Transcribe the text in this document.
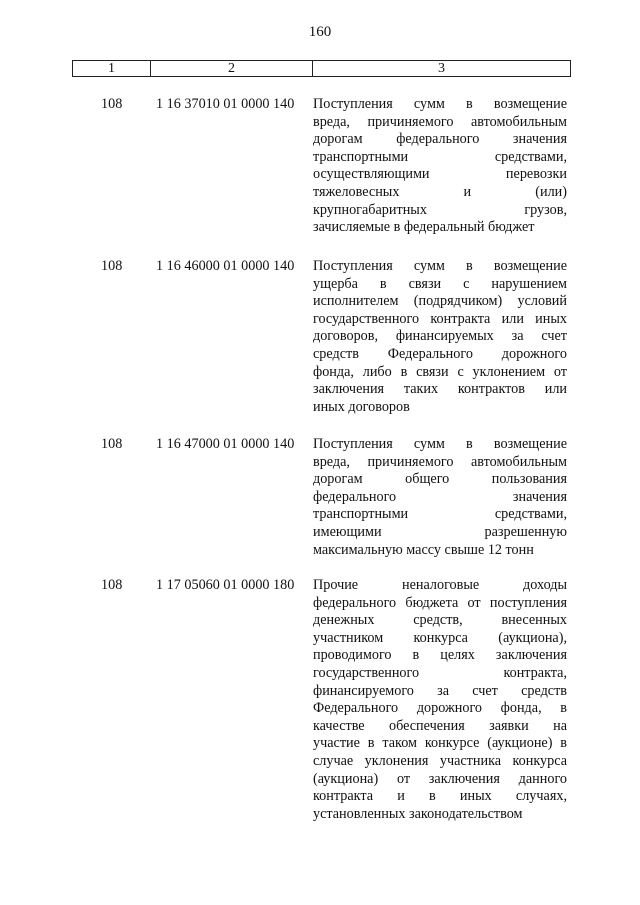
160
1	2	3
108 1 16 37010 01 0000 140 Поступления сумм в возмещение
вреда, причиняемого автомобильным
дорогам федерального значения
транспортными средствами,
осуществляющими перевозки
тяжеловесных и (или)
крупногабаритных грузов,
зачисляемые в федеральный бюджет
108 1 16 46000 01 0000 140 Поступления сумм в возмещение
ущерба в связи с нарушением
исполнителем (подрядчиком) условий
государственного контракта или иных
договоров, финансируемых за счет
средств Федерального дорожного
фонда, либо в связи с уклонением от
заключения таких контрактов или
иных договоров
108 1 16 47000 01 0000 140 Поступления сумм в возмещение
вреда, причиняемого автомобильным
дорогам общего пользования
федерального значения
транспортными средствами,
имеющими разрешенную
максимальную массу свыше 12 тонн
108 1 17 05060 01 0000 180 Прочие неналоговые доходы
федерального бюджета от поступления
денежных средств, внесенных
участником конкурса (аукциона),
проводимого в целях заключения
государственного контракта,
финансируемого за счет средств
Федерального дорожного фонда, в
качестве обеспечения заявки на
участие в таком конкурсе (аукционе) в
случае уклонения участника конкурса
(аукциона) от заключения данного
контракта и в иных случаях,
установленных законодательством
